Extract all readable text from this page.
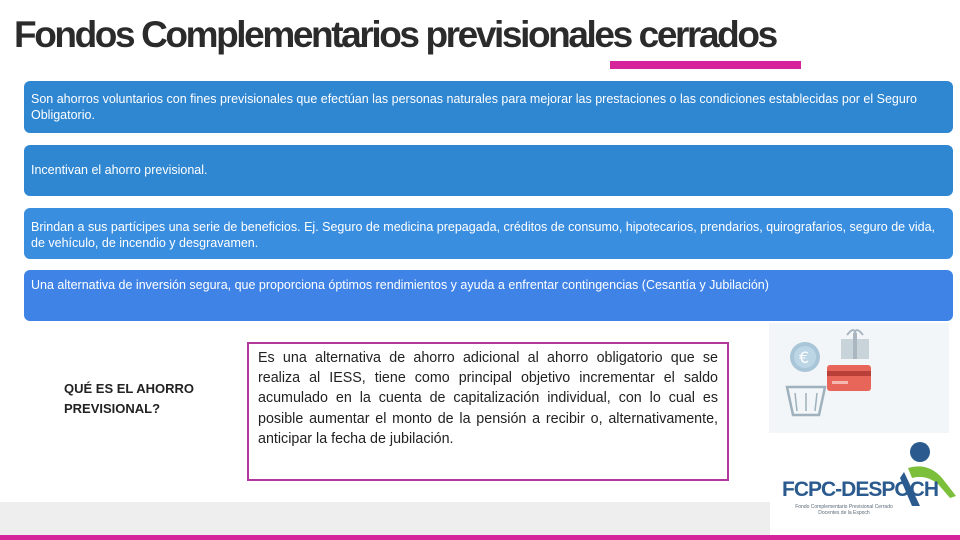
Fondos Complementarios previsionales cerrados
Son ahorros voluntarios con fines previsionales que efectúan las personas naturales para mejorar las prestaciones o las condiciones establecidas por el Seguro Obligatorio.
Incentivan el ahorro previsional.
Brindan a sus partícipes una serie de beneficios. Ej. Seguro de medicina prepagada, créditos de consumo, hipotecarios, prendarios, quirografarios, seguro de vida, de vehículo, de incendio y desgravamen.
Una alternativa de inversión segura, que proporciona óptimos rendimientos y ayuda a enfrentar contingencias (Cesantía y Jubilación)
QUÉ ES EL AHORRO
PREVISIONAL?
Es una alternativa de ahorro adicional al ahorro obligatorio que se realiza al IESS, tiene como principal objetivo incrementar el saldo acumulado en la cuenta de capitalización individual, con lo cual es posible aumentar el monto de la pensión a recibir o, alternativamente, anticipar la fecha de jubilación.
€
FCPC-DESPOCH
Fondo Complementario Previsional Cerrado Docentes de la Espoch
